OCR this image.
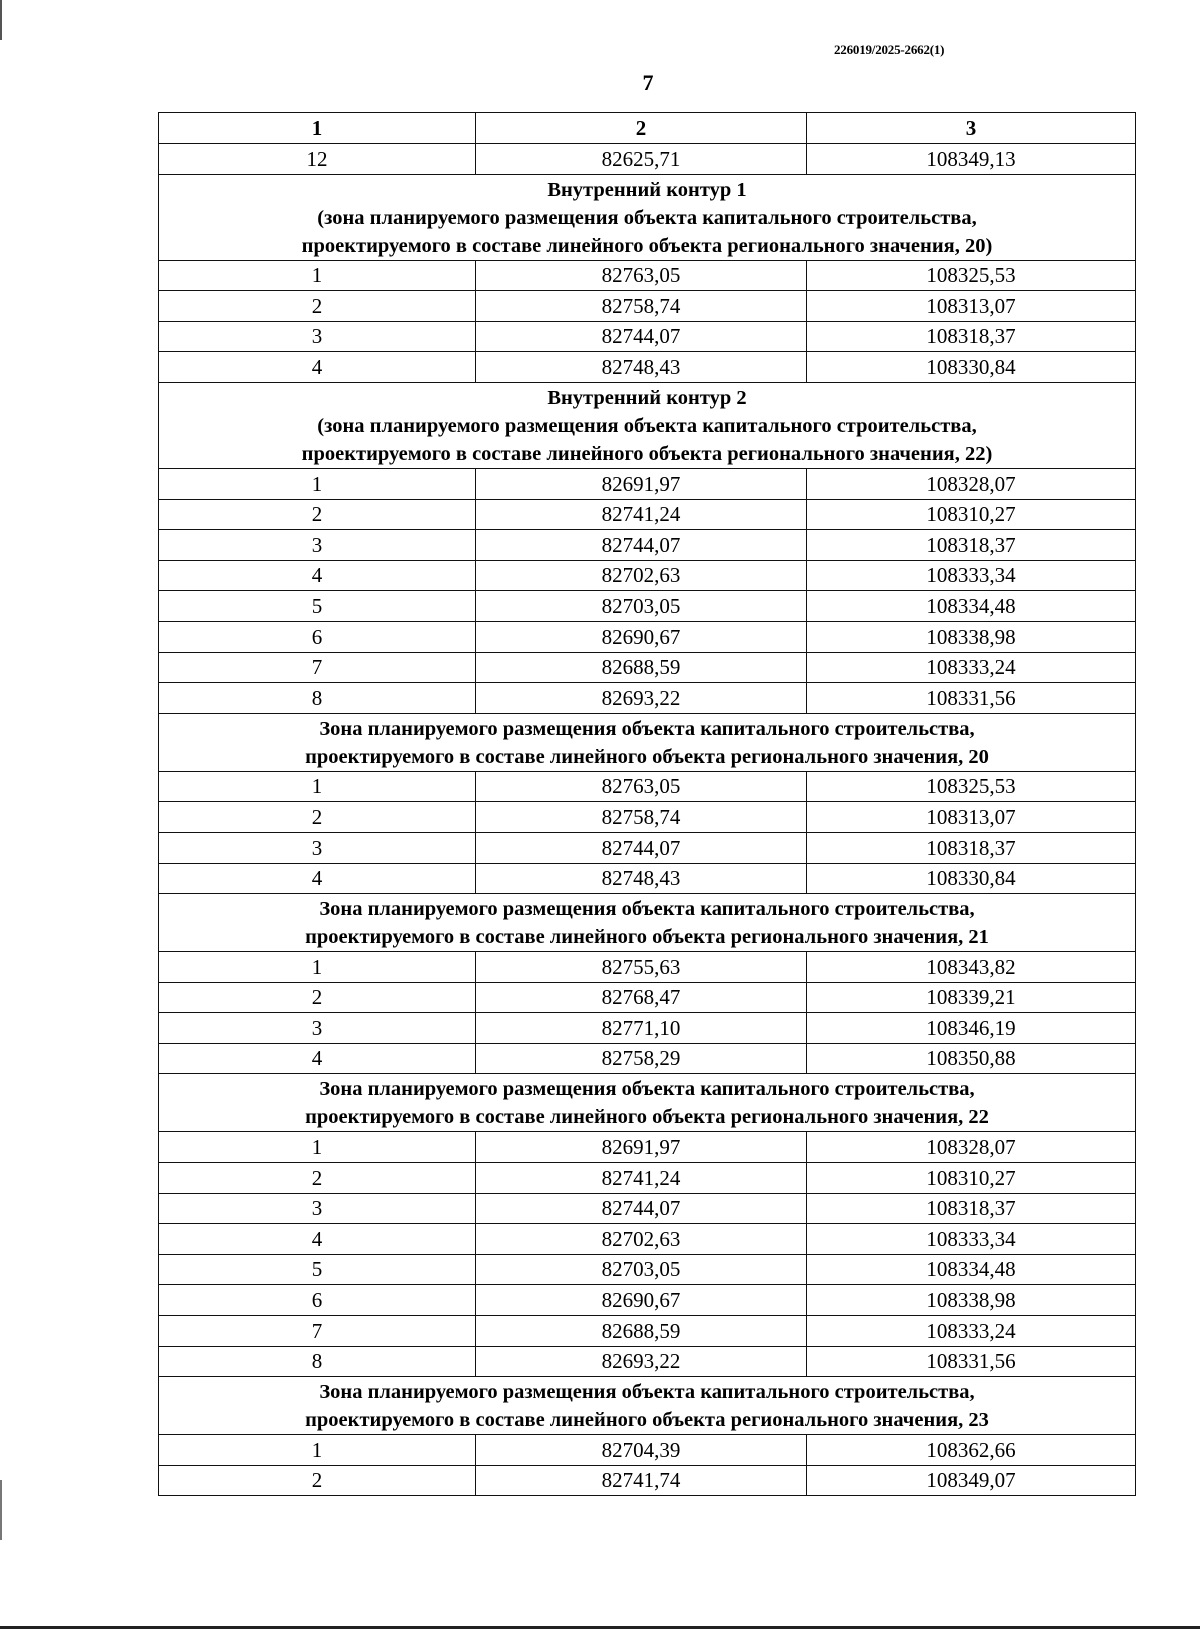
226019/2025-2662(1)
7
1	2	3
12	82625,71	108349,13

Внутренний контур 1
(зона планируемого размещения объекта капитального строительства,
проектируемого в составе линейного объекта регионального значения, 20)		

1	82763,05	108325,53
2	82758,74	108313,07
3	82744,07	108318,37
4	82748,43	108330,84

Внутренний контур 2
(зона планируемого размещения объекта капитального строительства,
проектируемого в составе линейного объекта регионального значения, 22)		

1	82691,97	108328,07
2	82741,24	108310,27
3	82744,07	108318,37
4	82702,63	108333,34
5	82703,05	108334,48
6	82690,67	108338,98
7	82688,59	108333,24
8	82693,22	108331,56

Зона планируемого размещения объекта капитального строительства,
проектируемого в составе линейного объекта регионального значения, 20		

1	82763,05	108325,53
2	82758,74	108313,07
3	82744,07	108318,37
4	82748,43	108330,84

Зона планируемого размещения объекта капитального строительства,
проектируемого в составе линейного объекта регионального значения, 21		

1	82755,63	108343,82
2	82768,47	108339,21
3	82771,10	108346,19
4	82758,29	108350,88

Зона планируемого размещения объекта капитального строительства,
проектируемого в составе линейного объекта регионального значения, 22		

1	82691,97	108328,07
2	82741,24	108310,27
3	82744,07	108318,37
4	82702,63	108333,34
5	82703,05	108334,48
6	82690,67	108338,98
7	82688,59	108333,24
8	82693,22	108331,56

Зона планируемого размещения объекта капитального строительства,
проектируемого в составе линейного объекта регионального значения, 23		

1	82704,39	108362,66
2	82741,74	108349,07
